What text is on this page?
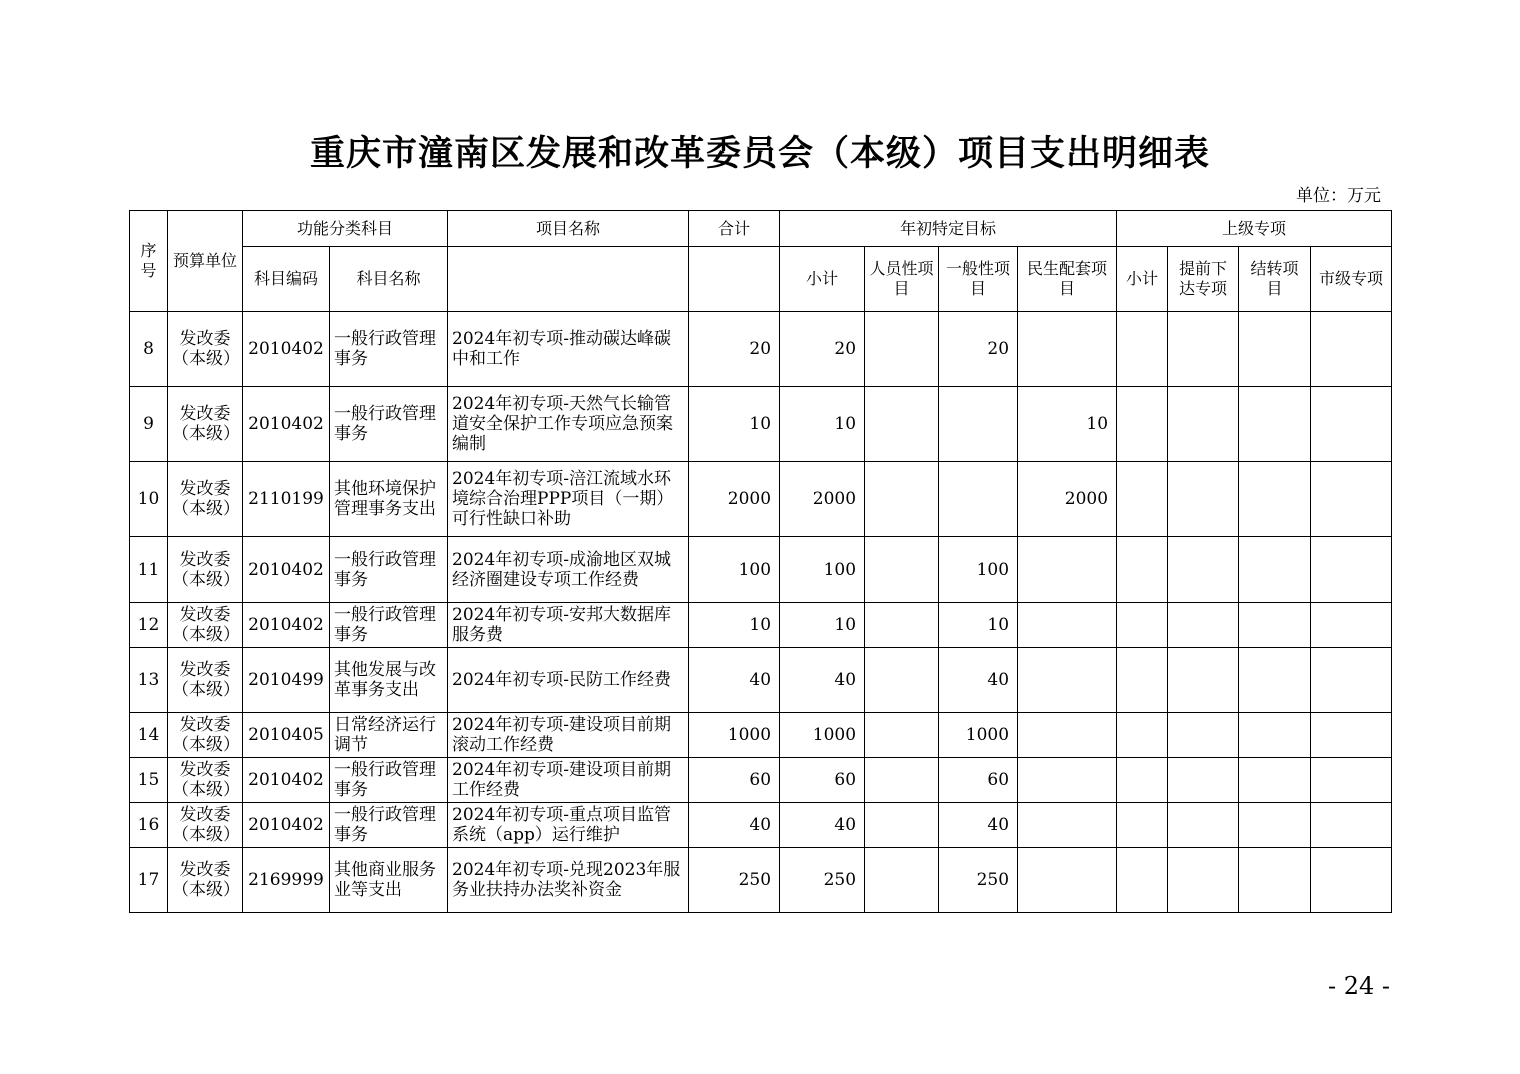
重庆市潼南区发展和改革委员会（本级）项目支出明细表
单位：万元
序号	预算单位	功能分类科目		项目名称	合计	年初特定目标				上级专项			
		科目编码	科目名称			小计	人员性项目	一般性项目	民生配套项目	小计	提前下达专项	结转项目	市级专项
8	发改委（本级）	2010402	一般行政管理事务	2024年初专项-推动碳达峰碳中和工作	20	20		20					
9	发改委（本级）	2010402	一般行政管理事务	2024年初专项-天然气长输管道安全保护工作专项应急预案编制	10	10			10				
10	发改委（本级）	2110199	其他环境保护管理事务支出	2024年初专项-涪江流域水环境综合治理PPP项目（一期）可行性缺口补助	2000	2000			2000				
11	发改委（本级）	2010402	一般行政管理事务	2024年初专项-成渝地区双城经济圈建设专项工作经费	100	100		100					
12	发改委（本级）	2010402	一般行政管理事务	2024年初专项-安邦大数据库服务费	10	10		10					
13	发改委（本级）	2010499	其他发展与改革事务支出	2024年初专项-民防工作经费	40	40		40					
14	发改委（本级）	2010405	日常经济运行调节	2024年初专项-建设项目前期滚动工作经费	1000	1000		1000					
15	发改委（本级）	2010402	一般行政管理事务	2024年初专项-建设项目前期工作经费	60	60		60					
16	发改委（本级）	2010402	一般行政管理事务	2024年初专项-重点项目监管系统（app）运行维护	40	40		40					
17	发改委（本级）	2169999	其他商业服务业等支出	2024年初专项-兑现2023年服务业扶持办法奖补资金	250	250		250					
- 24 -
